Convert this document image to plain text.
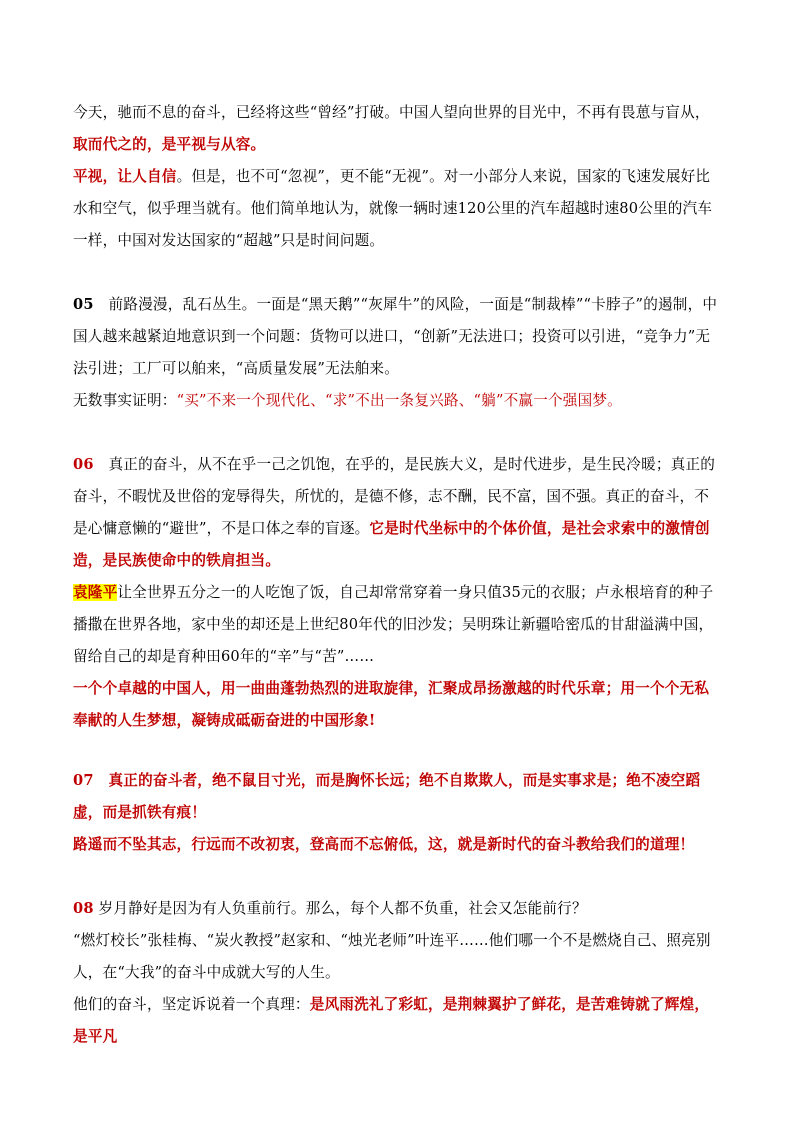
今天，驰而不息的奋斗，已经将这些“曾经”打破。中国人望向世界的目光中，不再有畏葸与盲从，取而代之的，是平视与从容。
平视，让人自信。但是，也不可“忽视”，更不能“无视”。对一小部分人来说，国家的飞速发展好比水和空气，似乎理当就有。他们简单地认为，就像一辆时速120公里的汽车超越时速80公里的汽车一样，中国对发达国家的“超越”只是时间问题。
05　前路漫漫，乱石丛生。一面是“黑天鹅”“灰犀牛”的风险，一面是“制裁棒”“卡脖子”的遏制，中国人越来越紧迫地意识到一个问题：货物可以进口，“创新”无法进口；投资可以引进，“竞争力”无法引进；工厂可以舶来，“高质量发展”无法舶来。
无数事实证明：“买”不来一个现代化、“求”不出一条复兴路、“躺”不赢一个强国梦。
06　真正的奋斗，从不在乎一己之饥饱，在乎的，是民族大义，是时代进步，是生民冷暖；真正的奋斗，不暇忧及世俗的宠辱得失，所忧的，是德不修，志不酬，民不富，国不强。真正的奋斗，不是心慵意懒的“避世”，不是口体之奉的盲逐。它是时代坐标中的个体价值，是社会求索中的激情创造，是民族使命中的铁肩担当。
袁隆平让全世界五分之一的人吃饱了饭，自己却常常穿着一身只值35元的衣服；卢永根培育的种子播撒在世界各地，家中坐的却还是上世纪80年代的旧沙发；吴明珠让新疆哈密瓜的甘甜溢满中国，留给自己的却是育种田60年的“辛”与“苦”……
一个个卓越的中国人，用一曲曲蓬勃热烈的进取旋律，汇聚成昂扬激越的时代乐章；用一个个无私奉献的人生梦想，凝铸成砥砺奋进的中国形象!
07　真正的奋斗者，绝不鼠目寸光，而是胸怀长远；绝不自欺欺人，而是实事求是；绝不凌空蹈虚，而是抓铁有痕！
路遥而不坠其志，行远而不改初衷，登高而不忘俯低，这，就是新时代的奋斗教给我们的道理！
08 岁月静好是因为有人负重前行。那么，每个人都不负重，社会又怎能前行？
“燃灯校长”张桂梅、“炭火教授”赵家和、“烛光老师”叶连平……他们哪一个不是燃烧自己、照亮别人，在“大我”的奋斗中成就大写的人生。
他们的奋斗，坚定诉说着一个真理：是风雨洗礼了彩虹，是荆棘翼护了鲜花，是苦难铸就了辉煌，是平凡
